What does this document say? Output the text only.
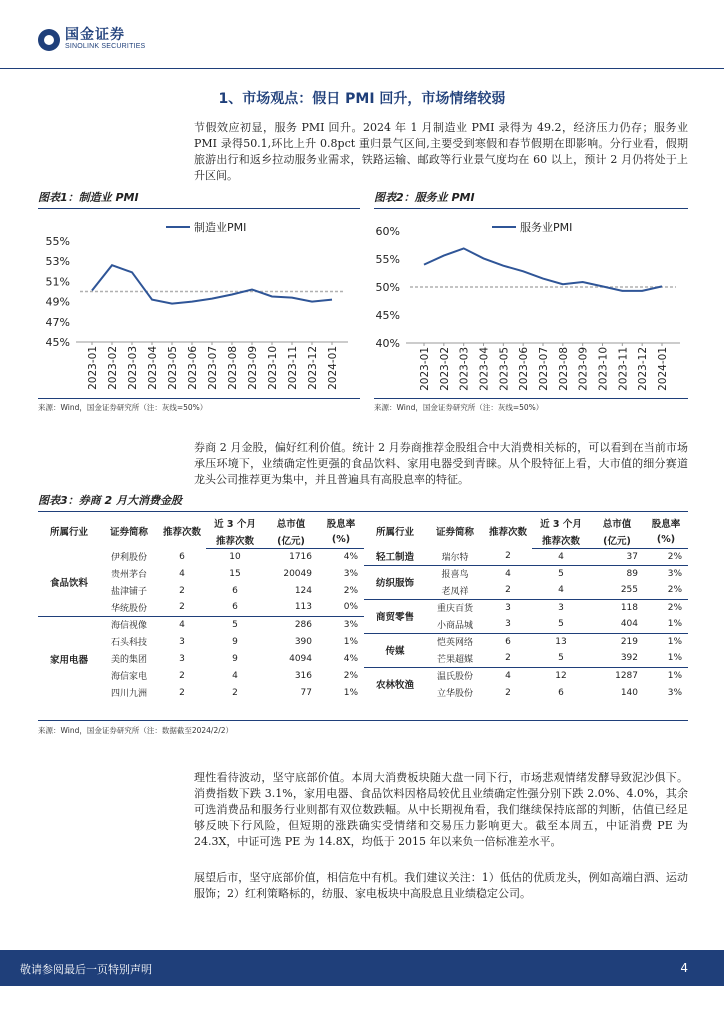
国金证券
SINOLINK SECURITIES
1、市场观点：假日 PMI 回升，市场情绪较弱
节假效应初显，服务 PMI 回升。2024 年 1 月制造业 PMI 录得为 49.2，经济压力仍存；服务业 PMI 录得50.1,环比上升 0.8pct 重归景气区间,主要受到寒假和春节假期在即影响。分行业看，假期旅游出行和返乡拉动服务业需求，铁路运输、邮政等行业景气度均在 60 以上，预计 2 月仍将处于上升区间。
图表1：制造业 PMI
45%
47%
49%
51%
53%
55%
2023-01 2023-02 2023-03 2023-04 2023-05 2023-06 2023-07 2023-08 2023-09 2023-10 2023-11 2023-12 2024-01
制造业PMI
来源：Wind，国金证券研究所（注：灰线=50%）
图表2：服务业 PMI
40%
45%
50%
55%
60%
2023-01 2023-02 2023-03 2023-04 2023-05 2023-06 2023-07 2023-08 2023-09 2023-10 2023-11 2023-12 2024-01
服务业PMI
来源：Wind，国金证券研究所（注：灰线=50%）
券商 2 月金股，偏好红利价值。统计 2 月券商推荐金股组合中大消费相关标的，可以看到在当前市场承压环境下，业绩确定性更强的食品饮料、家用电器受到青睐。从个股特征上看，大市值的细分赛道龙头公司推荐更为集中，并且普遍具有高股息率的特征。
图表3：券商 2 月大消费金股
所属行业	证券简称	推荐次数	近 3 个月	总市值	股息率	所属行业	证券简称	推荐次数	近 3 个月	总市值	股息率
			推荐次数	(亿元)	(%)				推荐次数	(亿元)	(%)
食品饮料	伊利股份	6	10	1716	4%	轻工制造	瑞尔特	2	4	37	2%
	贵州茅台	4	15	20049	3%	纺织服饰	报喜鸟	4	5	89	3%
	盐津铺子	2	6	124	2%		老凤祥	2	4	255	2%
	华统股份	2	6	113	0%	商贸零售	重庆百货	3	3	118	2%
家用电器	海信视像	4	5	286	3%		小商品城	3	5	404	1%
	石头科技	3	9	390	1%	传媒	恺英网络	6	13	219	1%
	美的集团	3	9	4094	4%		芒果超媒	2	5	392	1%
	海信家电	2	4	316	2%	农林牧渔	温氏股份	4	12	1287	1%
	四川九洲	2	2	77	1%		立华股份	2	6	140	3%
来源：Wind，国金证券研究所（注：数据截至2024/2/2）
理性看待波动，坚守底部价值。本周大消费板块随大盘一同下行，市场悲观情绪发酵导致泥沙俱下。消费指数下跌 3.1%，家用电器、食品饮料因格局较优且业绩确定性强分别下跌 2.0%、4.0%，其余可选消费品和服务行业则都有双位数跌幅。从中长期视角看，我们继续保持底部的判断，估值已经足够反映下行风险，但短期的涨跌确实受情绪和交易压力影响更大。截至本周五，中证消费 PE 为 24.3X，中证可选 PE 为 14.8X，均低于 2015 年以来负一倍标准差水平。
展望后市，坚守底部价值，相信危中有机。我们建议关注：1）低估的优质龙头，例如高端白酒、运动服饰；2）红利策略标的，纺服、家电板块中高股息且业绩稳定公司。
敬请参阅最后一页特别声明	4
